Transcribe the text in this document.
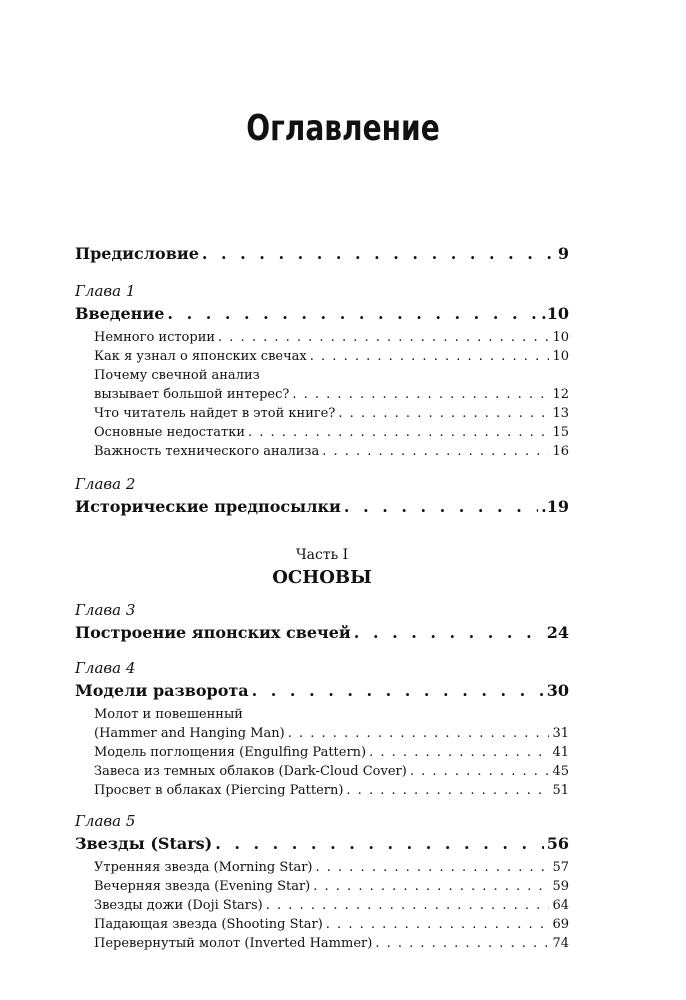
Оглавление
Предисловие . . .	9
Глава 1
Введение . . .	.10
Немного истории . . .	10
Как я узнал о японских свечах . . .	10
Почему свечной анализ
вызывает большой интерес? . . .	12
Что читатель найдет в этой книге? . . .	13
Основные недостатки . . .	15
Важность технического анализа . . .	16
Глава 2
Исторические предпосылки . . .	.19
Часть I
ОСНОВЫ
Глава 3
Построение японских свечей . . .	24
Глава 4
Модели разворота . . .	30
Молот и повешенный
(Hammer and Hanging Man) . . .	31
Модель поглощения (Engulfing Pattern) . . .	41
Завеса из темных облаков (Dark-Cloud Cover) . . .	45
Просвет в облаках (Piercing Pattern) . . .	51
Глава 5
Звезды (Stars) . . .	56
Утренняя звезда (Morning Star) . . .	57
Вечерняя звезда (Evening Star) . . .	59
Звезды дожи (Doji Stars) . . .	64
Падающая звезда (Shooting Star) . . .	69
Перевернутый молот (Inverted Hammer) . . .	74
